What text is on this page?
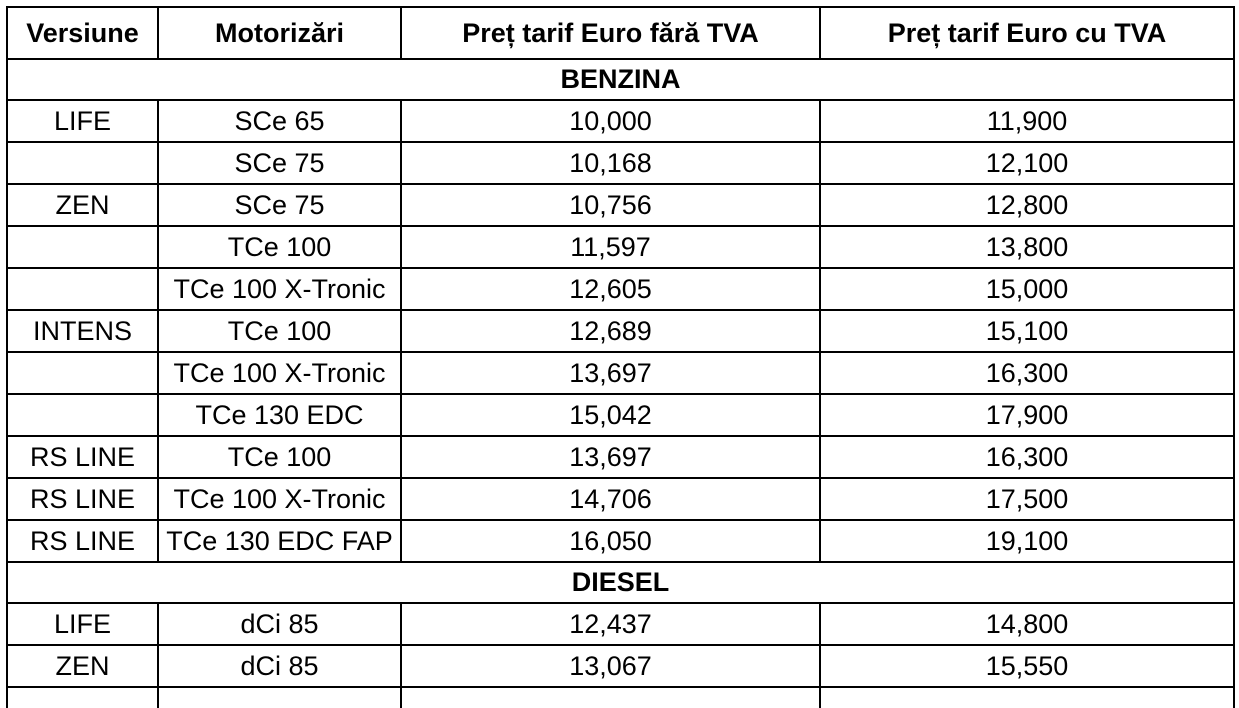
Versiune	Motorizări	Preț tarif Euro fără TVA	Preț tarif Euro cu TVA
BENZINA			
LIFE	SCe 65	10,000	11,900
	SCe 75	10,168	12,100
ZEN	SCe 75	10,756	12,800
	TCe 100	11,597	13,800
	TCe 100 X-Tronic	12,605	15,000
INTENS	TCe 100	12,689	15,100
	TCe 100 X-Tronic	13,697	16,300
	TCe 130 EDC	15,042	17,900
RS LINE	TCe 100	13,697	16,300
RS LINE	TCe 100 X-Tronic	14,706	17,500
RS LINE	TCe 130 EDC FAP	16,050	19,100
DIESEL			
LIFE	dCi 85	12,437	14,800
ZEN	dCi 85	13,067	15,550
